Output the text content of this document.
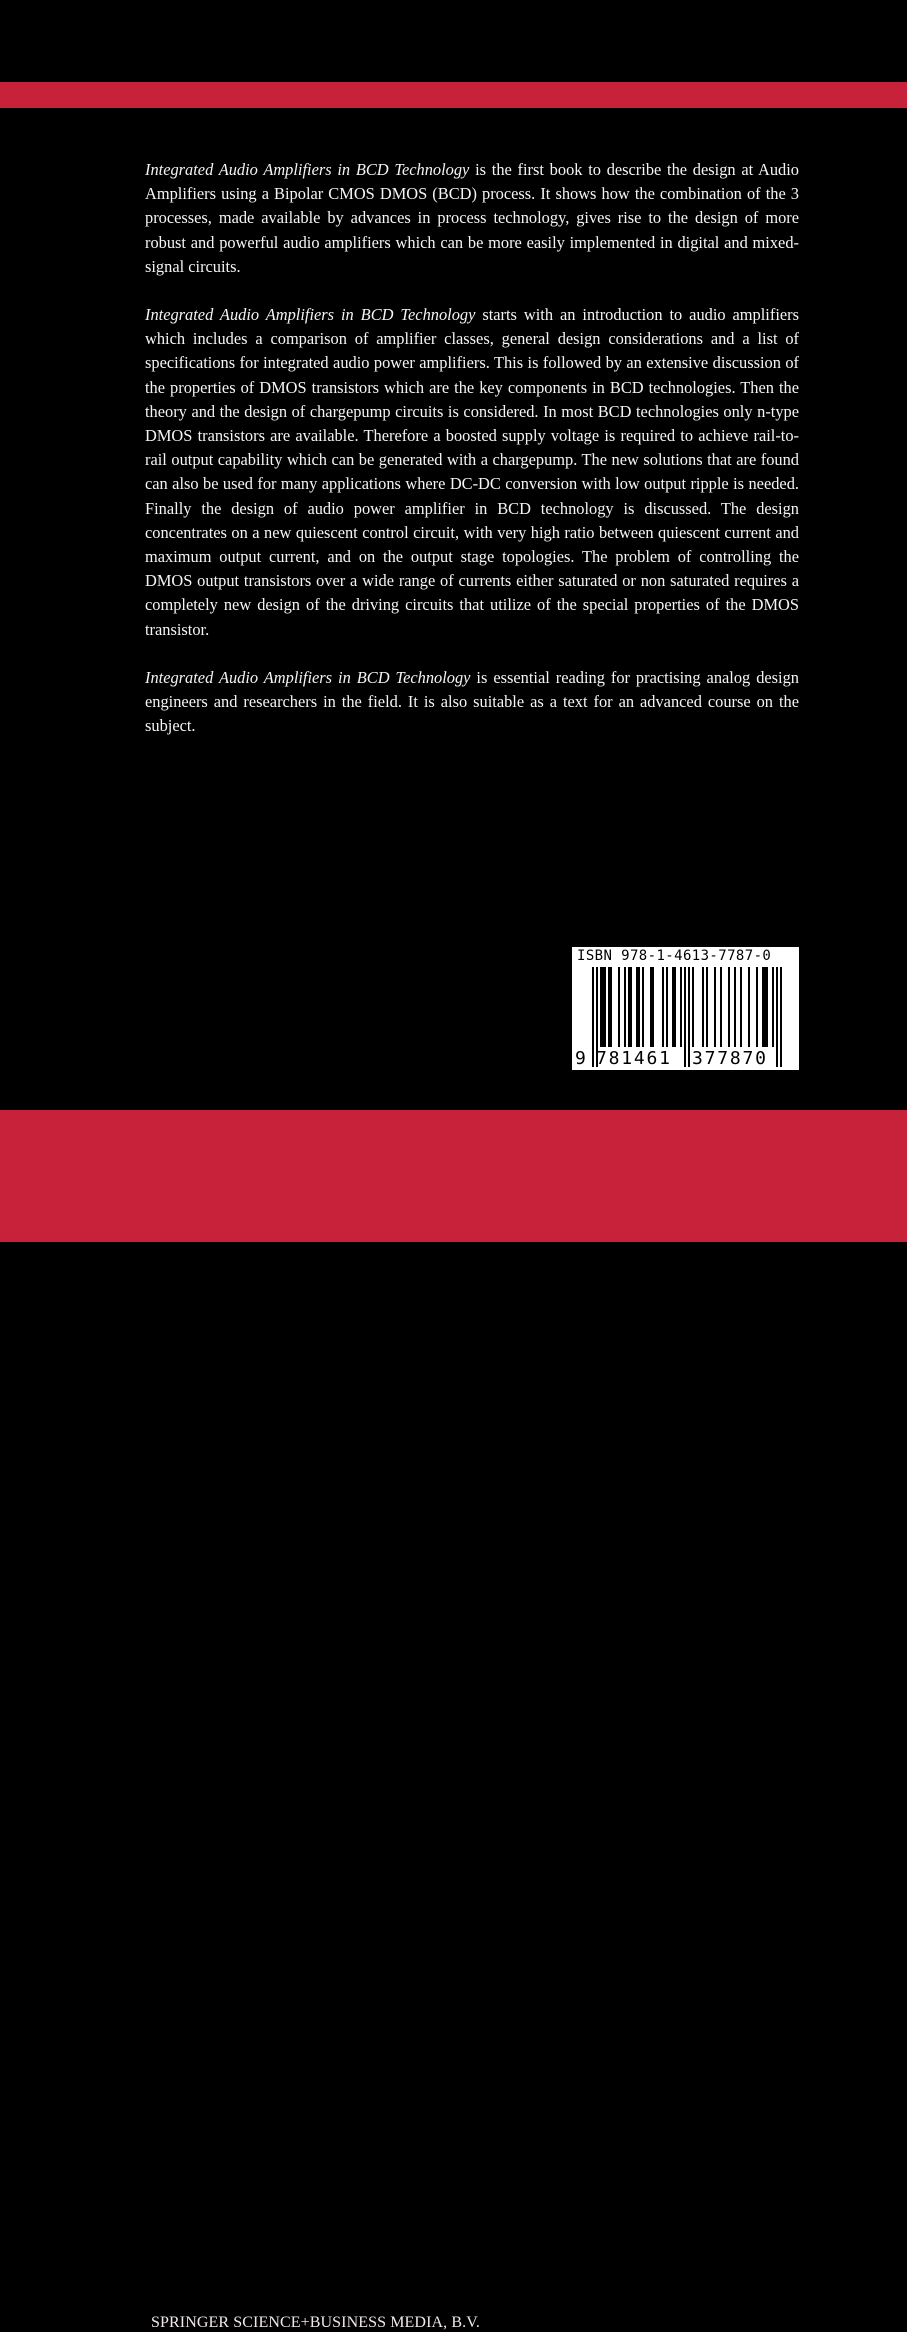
Integrated Audio Amplifiers in BCD Technology is the first book to describe the design at Audio Amplifiers using a Bipolar CMOS DMOS (BCD) process. It shows how the combination of the 3 processes, made available by advances in process technology, gives rise to the design of more robust and powerful audio amplifiers which can be more easily implemented in digital and mixed-signal circuits.

Integrated Audio Amplifiers in BCD Technology starts with an introduction to audio amplifiers which includes a comparison of amplifier classes, general design considerations and a list of specifications for integrated audio power amplifiers. This is followed by an extensive discussion of the properties of DMOS transistors which are the key components in BCD technologies. Then the theory and the design of chargepump circuits is considered. In most BCD technologies only n-type DMOS transistors are available. Therefore a boosted supply voltage is required to achieve rail-to-rail output capability which can be generated with a chargepump. The new solutions that are found can also be used for many applications where DC-DC conversion with low output ripple is needed. Finally the design of audio power amplifier in BCD technology is discussed. The design concentrates on a new quiescent control circuit, with very high ratio between quiescent current and maximum output current, and on the output stage topologies. The problem of controlling the DMOS output transistors over a wide range of currents either saturated or non saturated requires a completely new design of the driving circuits that utilize of the special properties of the DMOS transistor.

Integrated Audio Amplifiers in BCD Technology is essential reading for practising analog design engineers and researchers in the field. It is also suitable as a text for an advanced course on the subject.

ISBN 978-1-4613-7787-0
9 781461	377870
SPRINGER SCIENCE+BUSINESS MEDIA, B.V.
